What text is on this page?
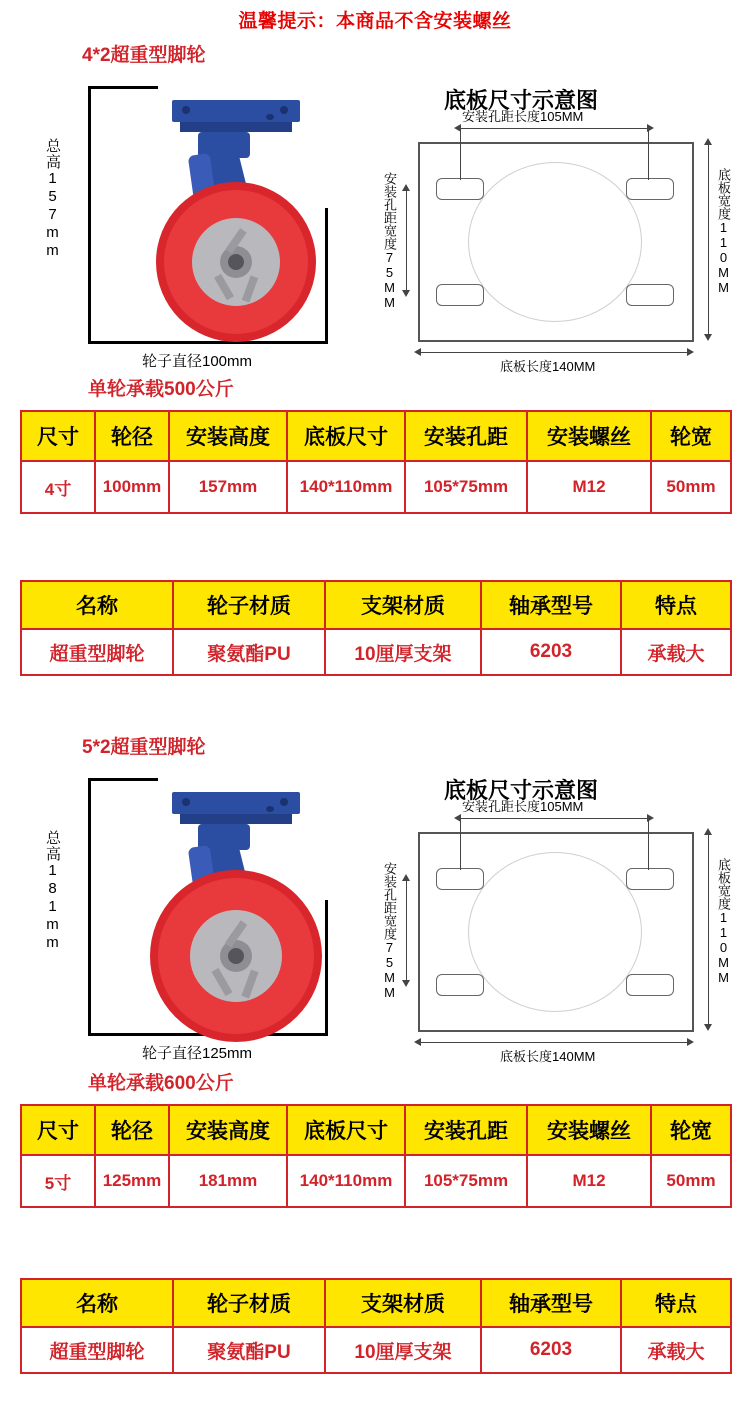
温馨提示：本商品不含安装螺丝
4*2超重型脚轮
总高157mm
轮子直径100mm
底板尺寸示意图
安装孔距长度105MM
安装孔距宽度75MM	底板宽度110MM
底板长度140MM
单轮承载500公斤
尺寸	轮径	安装高度	底板尺寸	安装孔距	安装螺丝	轮宽
4寸	100mm	157mm	140*110mm	105*75mm	M12	50mm
名称	轮子材质	支架材质	轴承型号	特点
超重型脚轮	聚氨酯PU	10厘厚支架	6203	承载大
5*2超重型脚轮
总高181mm
轮子直径125mm
底板尺寸示意图
安装孔距长度105MM
安装孔距宽度75MM	底板宽度110MM
底板长度140MM
单轮承载600公斤
尺寸	轮径	安装高度	底板尺寸	安装孔距	安装螺丝	轮宽
5寸	125mm	181mm	140*110mm	105*75mm	M12	50mm
名称	轮子材质	支架材质	轴承型号	特点
超重型脚轮	聚氨酯PU	10厘厚支架	6203	承载大
